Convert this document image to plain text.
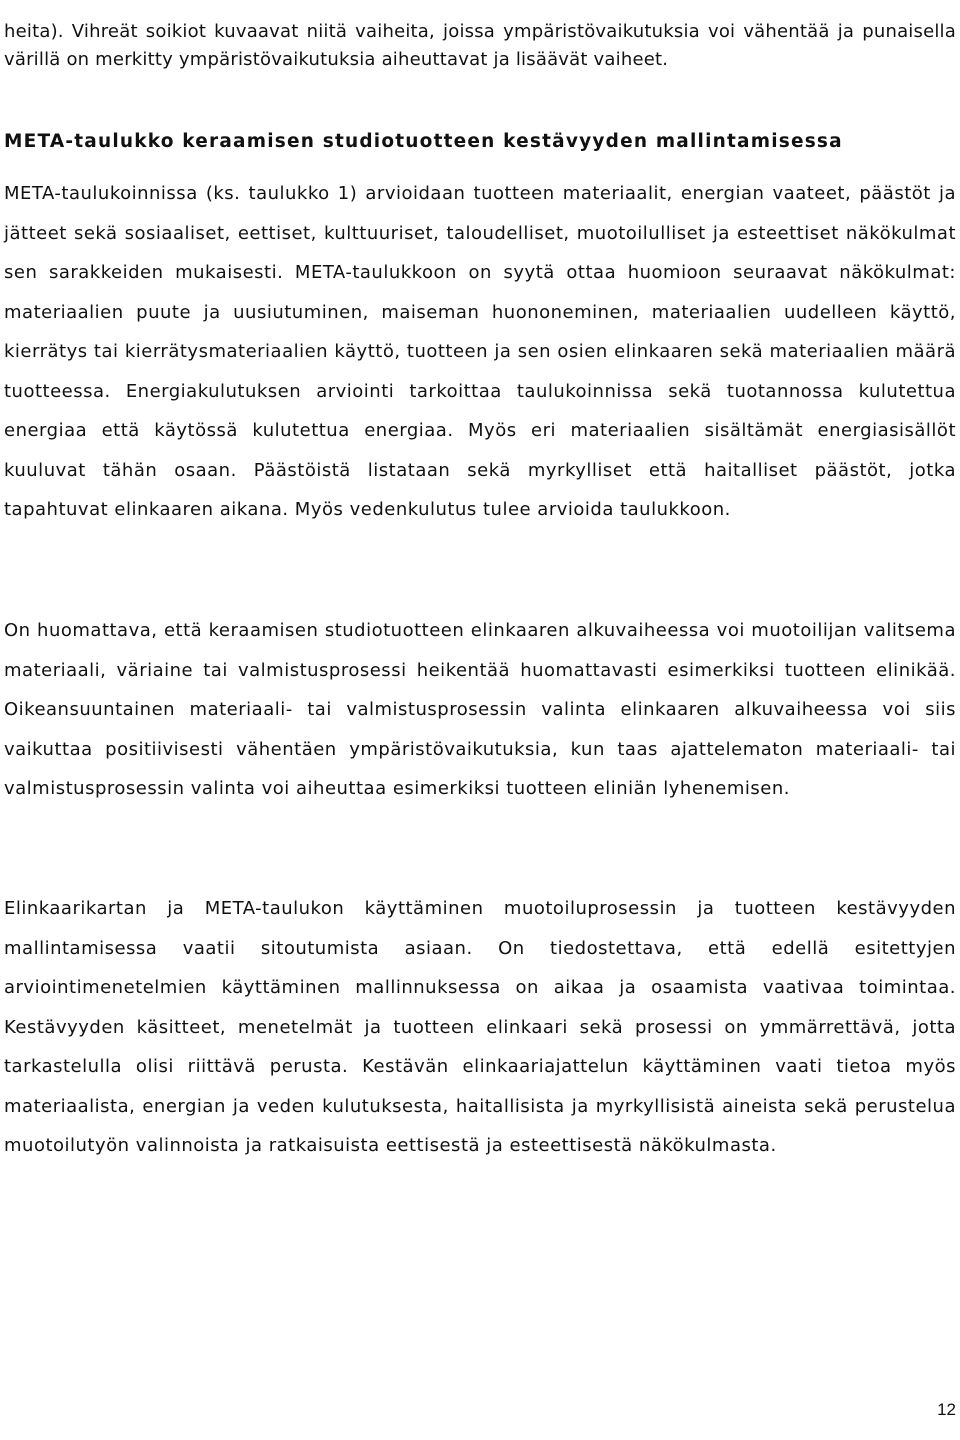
heita). Vihreät soikiot kuvaavat niitä vaiheita, joissa ympäristövaikutuksia voi vähentää ja punaisella värillä on merkitty ympäristövaikutuksia aiheuttavat ja lisäävät vaiheet.

META-taulukko keraamisen studiotuotteen kestävyyden mallintamisessa

META-taulukoinnissa (ks. taulukko 1) arvioidaan tuotteen materiaalit, energian vaateet, päästöt ja jätteet sekä sosiaaliset, eettiset, kulttuuriset, taloudelliset, muotoilulliset ja esteettiset näkökulmat sen sarakkeiden mukaisesti. META-taulukkoon on syytä ottaa huomioon seuraavat näkökulmat: materiaalien puute ja uusiutuminen, maiseman huononeminen, materiaalien uudelleen käyttö, kierrätys tai kierrätysmateriaalien käyttö, tuotteen ja sen osien elinkaaren sekä materiaalien määrä tuotteessa. Energiakulutuksen arviointi tarkoittaa taulukoinnissa sekä tuotannossa kulutettua energiaa että käytössä kulutettua energiaa. Myös eri materiaalien sisältämät energiasisällöt kuuluvat tähän osaan. Päästöistä listataan sekä myrkylliset että haitalliset päästöt, jotka tapahtuvat elinkaaren aikana. Myös vedenkulutus tulee arvioida taulukkoon.

On huomattava, että keraamisen studiotuotteen elinkaaren alkuvaiheessa voi muotoilijan valitsema materiaali, väriaine tai valmistusprosessi heikentää huomattavasti esimerkiksi tuotteen elinikää. Oikeansuuntainen materiaali- tai valmistusprosessin valinta elinkaaren alkuvaiheessa voi siis vaikuttaa positiivisesti vähentäen ympäristövaikutuksia, kun taas ajattelematon materiaali- tai valmistusprosessin valinta voi aiheuttaa esimerkiksi tuotteen eliniän lyhenemisen.

Elinkaarikartan ja META-taulukon käyttäminen muotoiluprosessin ja tuotteen kestävyyden mallintamisessa vaatii sitoutumista asiaan. On tiedostettava, että edellä esitettyjen arviointimenetelmien käyttäminen mallinnuksessa on aikaa ja osaamista vaativaa toimintaa. Kestävyyden käsitteet, menetelmät ja tuotteen elinkaari sekä prosessi on ymmärrettävä, jotta tarkastelulla olisi riittävä perusta. Kestävän elinkaariajattelun käyttäminen vaati tietoa myös materiaalista, energian ja veden kulutuksesta, haitallisista ja myrkyllisistä aineista sekä perustelua muotoilutyön valinnoista ja ratkaisuista eettisestä ja esteettisestä näkökulmasta.

12
